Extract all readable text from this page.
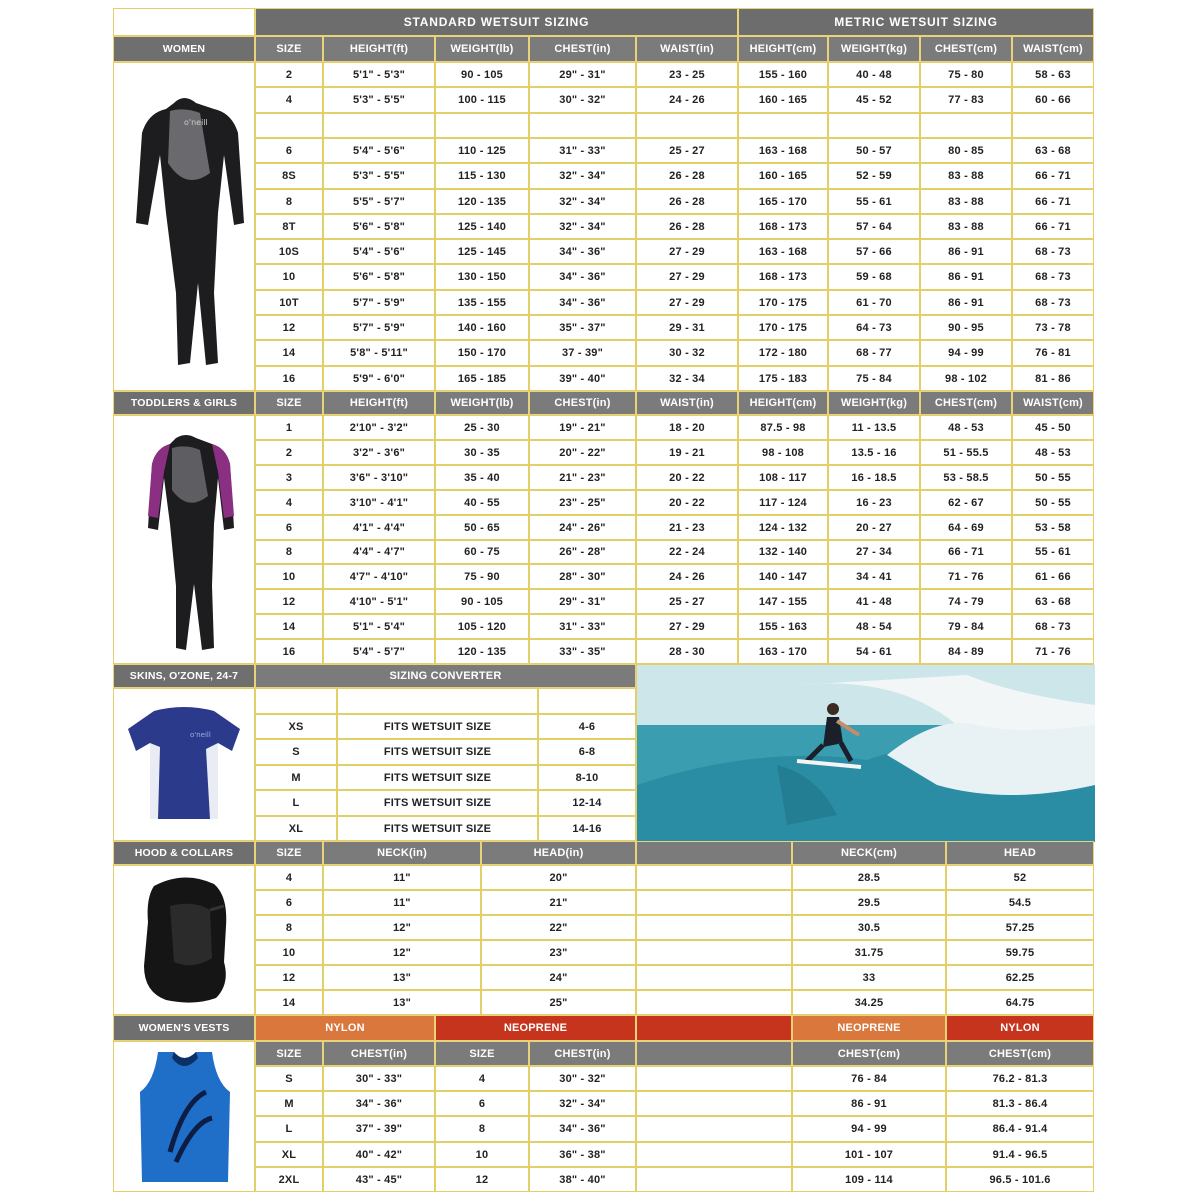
STANDARD WETSUIT SIZING	METRIC WETSUIT SIZING
WOMEN	SIZE	HEIGHT(ft)	WEIGHT(lb)	CHEST(in)	WAIST(in)	HEIGHT(cm)	WEIGHT(kg)	CHEST(cm)	WAIST(cm)
2	5'1" - 5'3"	90 - 105	29" - 31"	23 - 25	155 - 160	40 - 48	75 - 80	58 - 63
4	5'3" - 5'5"	100 - 115	30" - 32"	24 - 26	160 - 165	45 - 52	77 - 83	60 - 66
6	5'4" - 5'6"	110 - 125	31" - 33"	25 - 27	163 - 168	50 - 57	80 - 85	63 - 68
8S	5'3" - 5'5"	115 - 130	32" - 34"	26 - 28	160 - 165	52 - 59	83 - 88	66 - 71
8	5'5" - 5'7"	120 - 135	32" - 34"	26 - 28	165 - 170	55 - 61	83 - 88	66 - 71
8T	5'6" - 5'8"	125 - 140	32" - 34"	26 - 28	168 - 173	57 - 64	83 - 88	66 - 71
10S	5'4" - 5'6"	125 - 145	34" - 36"	27 - 29	163 - 168	57 - 66	86 - 91	68 - 73
10	5'6" - 5'8"	130 - 150	34" - 36"	27 - 29	168 - 173	59 - 68	86 - 91	68 - 73
10T	5'7" - 5'9"	135 - 155	34" - 36"	27 - 29	170 - 175	61 - 70	86 - 91	68 - 73
12	5'7" - 5'9"	140 - 160	35" - 37"	29 - 31	170 - 175	64 - 73	90 - 95	73 - 78
14	5'8" - 5'11"	150 - 170	37 - 39"	30 - 32	172 - 180	68 - 77	94 - 99	76 - 81
16	5'9" - 6'0"	165 - 185	39" - 40"	32 - 34	175 - 183	75 - 84	98 - 102	81 - 86
o'neill
TODDLERS & GIRLS	SIZE	HEIGHT(ft)	WEIGHT(lb)	CHEST(in)	WAIST(in)	HEIGHT(cm)	WEIGHT(kg)	CHEST(cm)	WAIST(cm)
1	2'10" - 3'2"	25 - 30	19" - 21"	18 - 20	87.5 - 98	11 - 13.5	48 - 53	45 - 50
2	3'2" - 3'6"	30 - 35	20" - 22"	19 - 21	98 - 108	13.5 - 16	51 - 55.5	48 - 53
3	3'6" - 3'10"	35 - 40	21" - 23"	20 - 22	108 - 117	16 - 18.5	53 - 58.5	50 - 55
4	3'10" - 4'1"	40 - 55	23" - 25"	20 - 22	117 - 124	16 - 23	62 - 67	50 - 55
6	4'1" - 4'4"	50 - 65	24" - 26"	21 - 23	124 - 132	20 - 27	64 - 69	53 - 58
8	4'4" - 4'7"	60 - 75	26" - 28"	22 - 24	132 - 140	27 - 34	66 - 71	55 - 61
10	4'7" - 4'10"	75 - 90	28" - 30"	24 - 26	140 - 147	34 - 41	71 - 76	61 - 66
12	4'10" - 5'1"	90 - 105	29" - 31"	25 - 27	147 - 155	41 - 48	74 - 79	63 - 68
14	5'1" - 5'4"	105 - 120	31" - 33"	27 - 29	155 - 163	48 - 54	79 - 84	68 - 73
16	5'4" - 5'7"	120 - 135	33" - 35"	28 - 30	163 - 170	54 - 61	84 - 89	71 - 76
SKINS, O'ZONE, 24-7	SIZING CONVERTER
XS	FITS WETSUIT SIZE	4-6
S	FITS WETSUIT SIZE	6-8
M	FITS WETSUIT SIZE	8-10
L	FITS WETSUIT SIZE	12-14
XL	FITS WETSUIT SIZE	14-16
o'neill
HOOD & COLLARS	SIZE	NECK(in)	HEAD(in)	NECK(cm)	HEAD
4	11"	20"	28.5	52
6	11"	21"	29.5	54.5
8	12"	22"	30.5	57.25
10	12"	23"	31.75	59.75
12	13"	24"	33	62.25
14	13"	25"	34.25	64.75
WOMEN'S VESTS	NYLON	NEOPRENE	NEOPRENE	NYLON
SIZE	CHEST(in)	SIZE	CHEST(in)	CHEST(cm)	CHEST(cm)
S	30" - 33"	4	30" - 32"	76 - 84	76.2 - 81.3
M	34" - 36"	6	32" - 34"	86 - 91	81.3 - 86.4
L	37" - 39"	8	34" - 36"	94 - 99	86.4 - 91.4
XL	40" - 42"	10	36" - 38"	101 - 107	91.4 - 96.5
2XL	43" - 45"	12	38" - 40"	109 - 114	96.5 - 101.6
